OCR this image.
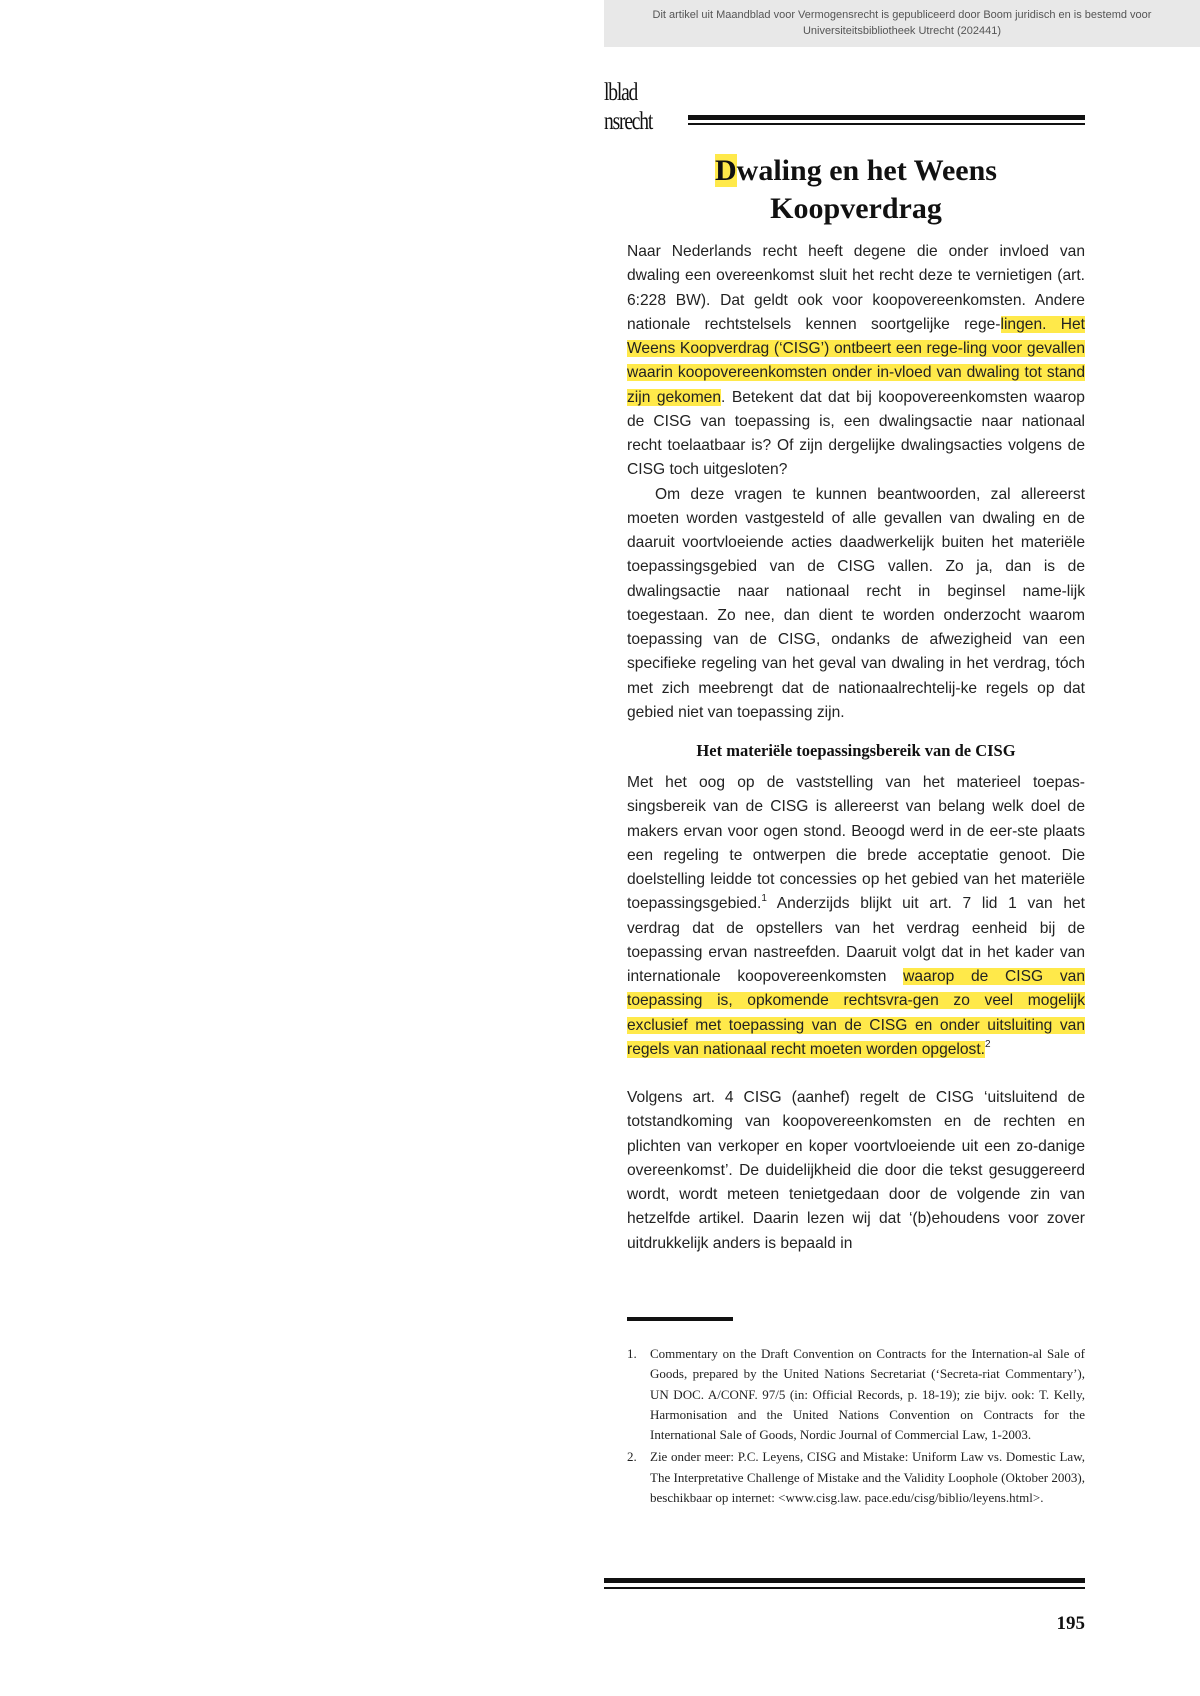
Dit artikel uit Maandblad voor Vermogensrecht is gepubliceerd door Boom juridisch en is bestemd voor
Universiteitsbibliotheek Utrecht (202441)
lblad
nsrecht
Dwaling en het Weens
Koopverdrag

Naar Nederlands recht heeft degene die onder invloed van dwaling een overeenkomst sluit het recht deze te vernietigen (art. 6:228 BW). Dat geldt ook voor koopovereenkomsten. Andere nationale rechtstelsels kennen soortgelijke rege-lingen. Het Weens Koopverdrag (‘CISG’) ontbeert een rege-ling voor gevallen waarin koopovereenkomsten onder in-vloed van dwaling tot stand zijn gekomen. Betekent dat dat bij koopovereenkomsten waarop de CISG van toepassing is, een dwalingsactie naar nationaal recht toelaatbaar is? Of zijn dergelijke dwalingsacties volgens de CISG toch uitgesloten?

Om deze vragen te kunnen beantwoorden, zal allereerst moeten worden vastgesteld of alle gevallen van dwaling en de daaruit voortvloeiende acties daadwerkelijk buiten het materiële toepassingsgebied van de CISG vallen. Zo ja, dan is de dwalingsactie naar nationaal recht in beginsel name-lijk toegestaan. Zo nee, dan dient te worden onderzocht waarom toepassing van de CISG, ondanks de afwezigheid van een specifieke regeling van het geval van dwaling in het verdrag, tóch met zich meebrengt dat de nationaalrechtelij-ke regels op dat gebied niet van toepassing zijn.

Het materiële toepassingsbereik van de CISG

Met het oog op de vaststelling van het materieel toepas-singsbereik van de CISG is allereerst van belang welk doel de makers ervan voor ogen stond. Beoogd werd in de eer-ste plaats een regeling te ontwerpen die brede acceptatie genoot. Die doelstelling leidde tot concessies op het gebied van het materiële toepassingsgebied.$^1$ Anderzijds blijkt uit art. 7 lid 1 van het verdrag dat de opstellers van het verdrag eenheid bij de toepassing ervan nastreefden. Daaruit volgt dat in het kader van internationale koopovereenkomsten waarop de CISG van toepassing is, opkomende rechtsvra-gen zo veel mogelijk exclusief met toepassing van de CISG en onder uitsluiting van regels van nationaal recht moeten worden opgelost.$^2$

Volgens art. 4 CISG (aanhef) regelt de CISG ‘uitsluitend de totstandkoming van koopovereenkomsten en de rechten en plichten van verkoper en koper voortvloeiende uit een zo-danige overeenkomst’. De duidelijkheid die door die tekst gesuggereerd wordt, wordt meteen tenietgedaan door de volgende zin van hetzelfde artikel. Daarin lezen wij dat ‘(b)ehoudens voor zover uitdrukkelijk anders is bepaald in

1. Commentary on the Draft Convention on Contracts for the Internation-al Sale of Goods, prepared by the United Nations Secretariat (‘Secreta-riat Commentary’), UN DOC. A/CONF. 97/5 (in: Official Records, p. 18-19); zie bijv. ook: T. Kelly, Harmonisation and the United Nations Convention on Contracts for the International Sale of Goods, Nordic Journal of Commercial Law, 1-2003.
2. Zie onder meer: P.C. Leyens, CISG and Mistake: Uniform Law vs. Domestic Law, The Interpretative Challenge of Mistake and the Validity Loophole (Oktober 2003), beschikbaar op internet: <www.cisg.law. pace.edu/cisg/biblio/leyens.html>.
195
